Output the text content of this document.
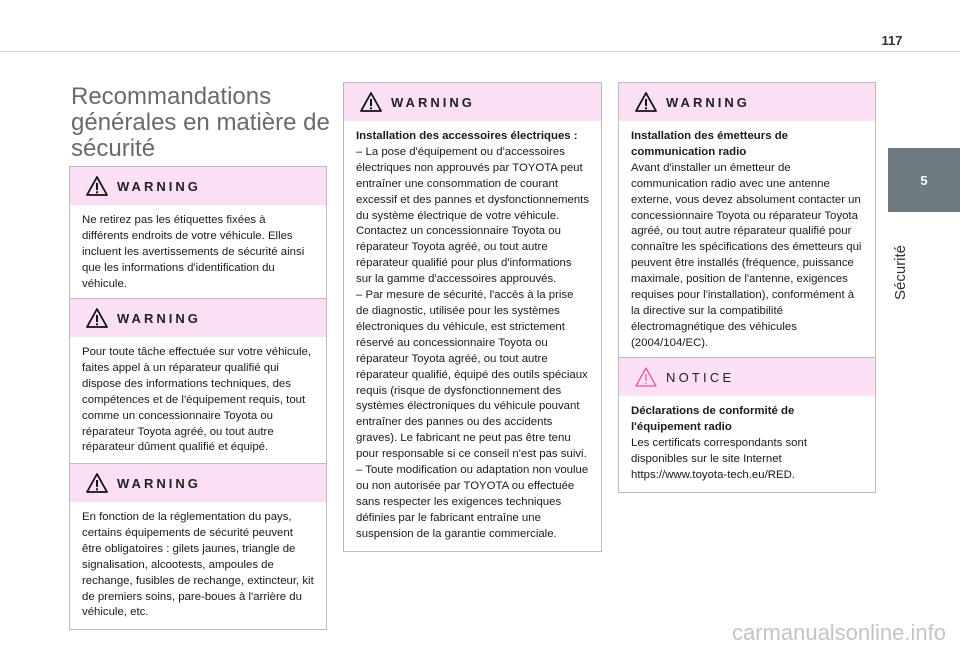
117
5
Sécurité
Recommandations générales en matière de sécurité
WARNING

Ne retirez pas les étiquettes fixées à différents endroits de votre véhicule. Elles incluent les avertissements de sécurité ainsi que les informations d'identification du véhicule.

WARNING

Pour toute tâche effectuée sur votre véhicule, faites appel à un réparateur qualifié qui dispose des informations techniques, des compétences et de l'équipement requis, tout comme un concessionnaire Toyota ou réparateur Toyota agréé, ou tout autre réparateur dûment qualifié et équipé.

WARNING

En fonction de la réglementation du pays, certains équipements de sécurité peuvent être obligatoires : gilets jaunes, triangle de signalisation, alcootests, ampoules de rechange, fusibles de rechange, extincteur, kit de premiers soins, pare-boues à l'arrière du véhicule, etc.

WARNING

Installation des accessoires électriques :

– La pose d'équipement ou d'accessoires électriques non approuvés par TOYOTA peut entraîner une consommation de courant excessif et des pannes et dysfonctionnements du système électrique de votre véhicule. Contactez un concessionnaire Toyota ou réparateur Toyota agréé, ou tout autre réparateur qualifié pour plus d'informations sur la gamme d'accessoires approuvés.

– Par mesure de sécurité, l'accès à la prise de diagnostic, utilisée pour les systèmes électroniques du véhicule, est strictement réservé au concessionnaire Toyota ou réparateur Toyota agréé, ou tout autre réparateur qualifié, équipé des outils spéciaux requis (risque de dysfonctionnement des systèmes électroniques du véhicule pouvant entraîner des pannes ou des accidents graves). Le fabricant ne peut pas être tenu pour responsable si ce conseil n'est pas suivi.

– Toute modification ou adaptation non voulue ou non autorisée par TOYOTA ou effectuée sans respecter les exigences techniques définies par le fabricant entraîne une suspension de la garantie commerciale.

WARNING

Installation des émetteurs de communication radio

Avant d'installer un émetteur de communication radio avec une antenne externe, vous devez absolument contacter un concessionnaire Toyota ou réparateur Toyota agréé, ou tout autre réparateur qualifié pour connaître les spécifications des émetteurs qui peuvent être installés (fréquence, puissance maximale, position de l'antenne, exigences requises pour l'installation), conformément à la directive sur la compatibilité électromagnétique des véhicules (2004/104/EC).

NOTICE

Déclarations de conformité de l'équipement radio

Les certificats correspondants sont disponibles sur le site Internet https://www.toyota-tech.eu/RED.

carmanualsonline.info
